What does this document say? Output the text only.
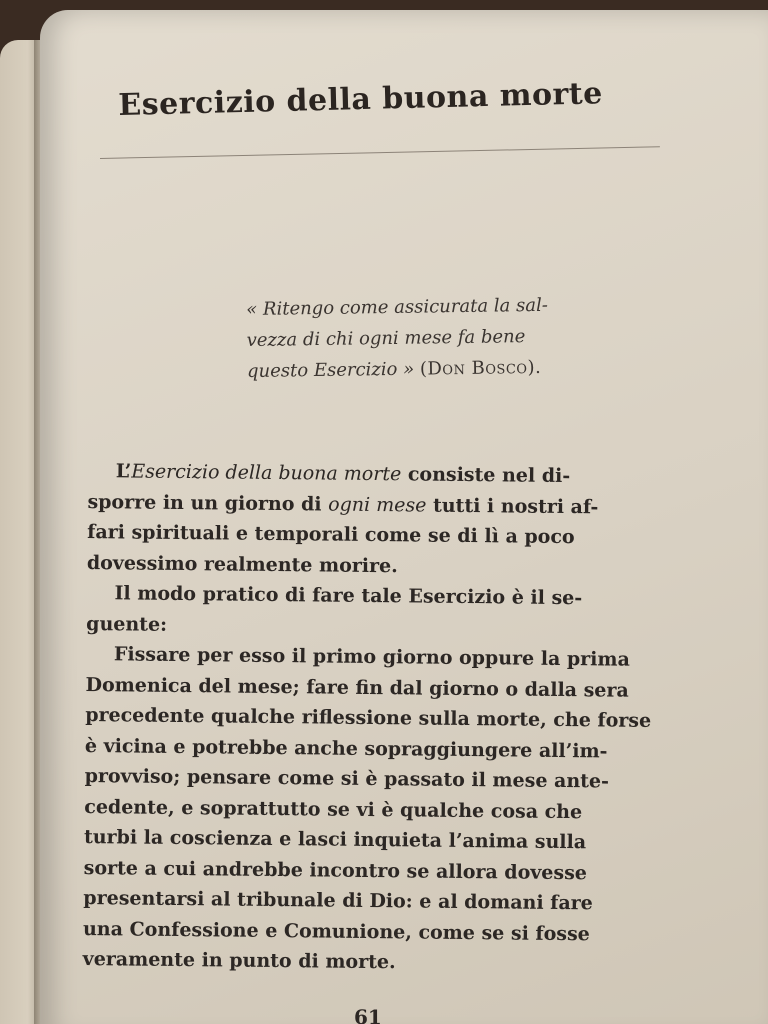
Esercizio della buona morte
« Ritengo come assicurata la sal-
vezza di chi ogni mese fa bene
questo Esercizio » (Don Bosco).
L’Esercizio della buona morte consiste nel di-
sporre in un giorno di ogni mese tutti i nostri af-
fari spirituali e temporali come se di lì a poco
dovessimo realmente morire.
Il modo pratico di fare tale Esercizio è il se-
guente:
Fissare per esso il primo giorno oppure la prima
Domenica del mese; fare fin dal giorno o dalla sera
precedente qualche riflessione sulla morte, che forse
è vicina e potrebbe anche sopraggiungere all’im-
provviso; pensare come si è passato il mese ante-
cedente, e soprattutto se vi è qualche cosa che
turbi la coscienza e lasci inquieta l’anima sulla
sorte a cui andrebbe incontro se allora dovesse
presentarsi al tribunale di Dio: e al domani fare
una Confessione e Comunione, come se si fosse
veramente in punto di morte.
61
